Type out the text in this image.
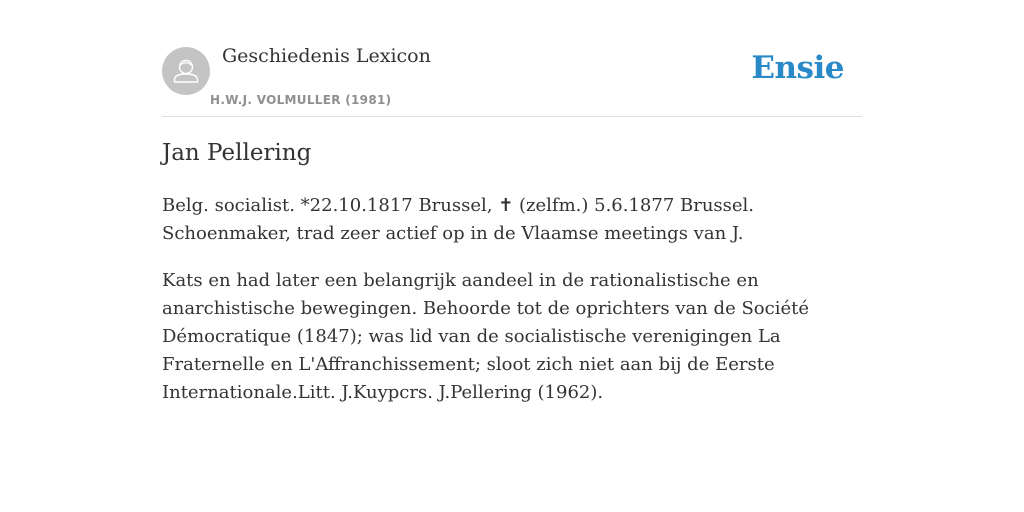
Geschiedenis Lexicon
H.W.J. VOLMULLER (1981)
Ensie
Jan Pellering

Belg. socialist. *22.10.1817 Brussel, ✝ (zelfm.) 5.6.1877 Brussel. Schoenmaker, trad zeer actief op in de Vlaamse meetings van J.

Kats en had later een belangrijk aandeel in de rationalistische en anarchistische bewegingen. Behoorde tot de oprichters van de Société Démocratique (1847); was lid van de socialistische verenigingen La Fraternelle en L'Affranchissement; sloot zich niet aan bij de Eerste Internationale.Litt. J.Kuypcrs. J.Pellering (1962).
